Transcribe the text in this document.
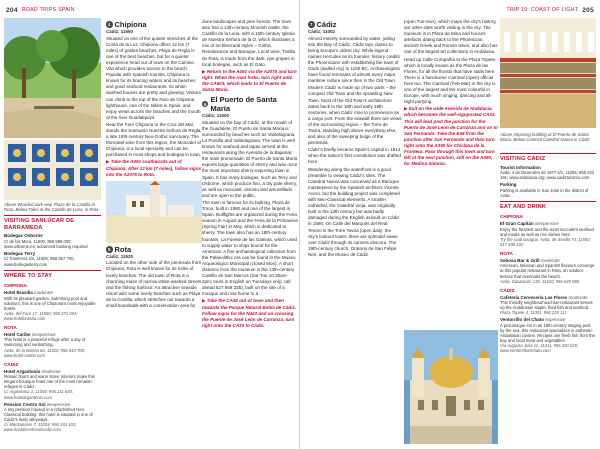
204 ROAD TRIPS SPAIN
Above Wooded park near Plaza de la Castilla in Rota. Below Tales at the Castillo de Luna, in Rota
VISITING SANLÚCAR DE BARRAMEDA
Bodegas Osborne
C/ de los Mora, 11500; 956 869 000; www.osborne.es; advanced booking required
Bodegas Terry
C/ Toneleros s/n, 11500; 956 857 700; www.bodegasterry.com
WHERE TO STAY
CHIPIONA
Hotel Brasilia moderate
With its pleasant garden, swimming pool and solarium, this is one of Chipiona's most enjoyable hotels.
Avda. del Faro 17, 11550; 956 371 054; www.hotelbrasilia.com
ROTA
Hotel Caribe inexpensive
This hotel is a peaceful refuge after a day of swimming and sunbathing.
Avda. de la Marina 60, 11520; 956 810 700; www.hotel-caribe.com
CÁDIZ
Hotel Argantonio moderate
Mosaic floors and warm stone interiors make this elegant boutique hotel one of the most romantic refuges in Cádiz.
C/ Argantonio 3, 11004; 956 211 640; www.hotelargantonio.com
Pension Centro Sol inexpensive
A tiny pension housed in a refurbished Neo-Classical building, this hotel is situated in one of Cádiz's lively alleyways.
C/ Manzanares 7, 11004; 956 283 103; www.hostalcentrosolcadiz.com
4 Chipiona
Cádiz; 11550
Situated on one of the quieter stretches of the Costa de la Luz, Chipiona offers 12 km (7 miles) of golden beaches. Playa de Regla is one of the best beaches, but for a quieter experience head out of town on the Camino Vita which provides access to the beach. Popular with Spanish tourists, Chipiona is known for its bracing waters and its beaches and good seafood restaurants. Its white-washed houses are pretty and glowing. Visitors can climb to the top of the Faro de Chipiona lighthouse, one of the tallest in Spain, and enjoy views across the beaches and the mouth of the river Guadalquivir.
Near the Faro Chipiona to the Cruz del Mar, stands the Santuario Nuestra Señora de Regla, a late 19th-century Neo-Gothic sanctuary. The Moscatel wine from this region, the Moscatel of Chipiona, is a local speciality and can be purchased in most shops and bodegas in town.
▶ Take the A491 southwards out of Chipiona. After 12 km (7 miles), follow signs into the A2075 to Rota.
5 Rota
Cádiz; 11520
Located on the other side of the peninsula from Chipiona, Rota is well known for its miles of lovely beaches. The old town of Rota is a charming maze of narrow white-washed streets and the fishing harbour. An attractive seaside resort with some lovely beaches such as Playa de la Costilla, which stretches out towards a small boardwalk with a conservation area for
dune landscapes and pine forests. The town also has a 13th-century Moorish castle, the Castillo de la Luna, with a 16th-century Iglesia de Nuestra Señora de la O, which illustrates a mix of architectural styles – Gothic, Renaissance and Baroque. Local wine, Tintilla de Rota, is made from the dark, ripe grapes in local bodegas, such as El Gato.
▶ Return to the A491 via the A2075 and turn right. When the road forks, turn right onto the CA603, which leads to El Puerto de Santa María.
6 El Puerto de Santa María
Cádiz; 11500
Situated on the bay of Cádiz, at the mouth of the Guadalete, El Puerto de Santa María is surrounded by beaches such as Valdelagrana, La Puntilla and Valdelagrana. The town is well known for seafood and tapas served at the restaurants along the Avenida de la Bajamar, the main promenade. El Puerto de Santa María exports large quantities of sherry and was once the most important sherry-exporting town in Spain. It has many bodegas, such as Terry and Osborne, which produce fino, a dry pale sherry, as well as muscatel, oloroso and amontillado and are open to the public.
The town is famous for its bullring, Plaza de Toros, built in 1880 and one of the largest in Spain. Bullfights are organized during the Feria season in August and the Feria de la Primavera (Spring Fair) in May, which is dedicated to sherry. The town also has an 18th-century fountain, La Fuente de las Galeras, which used to supply water to ships bound for the Americas. A fine archaeological collection from the Palaeolithic era can be found in the Museo Arqueológico Municipal (closed Mon). A short distance from the museum is the 13th-century Castillo de San Marcos (Sat-Tue 10.30am-2pm; tours in English on Tuesdays only; call ahead 627 569 335), built on the site of a mosque and now home to a
▶ Take the CA32 out of town and then towards the Parque Natural Bahía de Cádiz. Follow signs for the N443 and on crossing the Puente de José León de Carranza, turn right onto the CA33 to Cádiz.
TRIP 19: COAST OF LIGHT 205
7 Cádiz
Cádiz; 11002
Almost entirely surrounded by water, jutting into the Bay of Cádiz, Cádiz lays claims to being Europe's oldest city. While legend names Hercules as its founder, history credits the Phoenicians with establishing the town of Gadir (walled city) in 1100 BC. Archaeologists have found remnants of almost every major maritime culture since then in the Old Town.
Modern Cádiz is made up of two parts – the compact Old Town and the sprawling New Town. Most of the Old Town's architecture dates back to the 18th and early 19th centuries, when Cádiz rose to prominence as a cargo port. From the seawall there are views of the surrounding region – the Torre de Tavira, standing high above everything else, and also of the sweeping bulge of the peninsula.
Cádiz's briefly became Spain's capital in 1812 when the nation's first constitution was drafted here.
Wandering along the waterfront is a good preamble to viewing Cádiz's sites. The Catedral Nueva was conceived as a Baroque masterpiece by the Spanish architect Vicente Acero, but the building project was completed with Neo-Classical elements. A smaller cathedral, the Catedral Vieja, was originally built in the 13th century but was badly damaged during the English assault on Cádiz in 1596. On Calle del Marqués del Real Tesoro is the Torre Tavira (open daily; the city's lookout tower, there are splendid views over Cádiz through its camera obscura. The 19th-century church, Oratorio de San Felipe Neri, and the Museo de Cádiz
(open Tue-Sun), which maps the city's history, are other sites worth visiting in the city. The museum is in Plaza de Mina and houses artefacts dating back to the Phoenician, ancient Greek and Roman times, and also has one of the largest art collections in Andalusia.
Head up Calle Compañía to the Plaza Topete, which is locally known as the Plaza de las Flores, for all the florists that have stalls here. There is a handsome Carnival (open) official here too. The Carnival (Feb-Mar) in the city is one of the largest and the most colourful in Europe, with much singing, dancing and all-night partying.
▶ Exit on the wide Avenida de Andalucía, which becomes the well-signposted CA33. This will lead past the junction for the Puerto de José León de Carranza and on to San Fernando. Take the E48 from the junction after San Fernando and then turn right onto the A390 for Chiclana de la Frontera. Pass through this town and turn left at the next junction, still on the A390, for Medina Sidonia.
Above Imposing building at El Puerto de Santa María. Below Colonial Catedral Nueva in Cádiz
VISITING CÁDIZ
Tourist Information
Avda. 4 de Diciembre de 1977 s/n, 11005; 956 203 191; www.andalucia.org; www.cadizturismo.com
Parking
Parking is available in San José in the district of Avda.
EAT AND DRINK
CHIPIONA
El Gran Capitán inexpensive
Enjoy the freshest and the most succulent seafood and meats as well as rice dishes here.
Try the crab lasagna. Avda. de Sevilla 74, 11550; 617 498 102
ROTA
Sebosa Bar & Grill moderate
American, Mexican and Spanish flavours converge at this popular restaurant in Rota, an outdoor terrace that overlooks the beach.
Avda. Diputación 135, 11520; 956 849 080
CÁDIZ
Cafetería Cervecería Las Flores moderate
This friendly neighbourhood bar-restaurant serves up the Andalusian staple, fried fish and seafood.
Plaza Topete 4, 11001; 956 226 112
Ventorrillo del Chato expensive
A picturesque inn in an 18th-century staging post by the sea, this restaurant specializes in authentic Andalusian cuisine. Recipes use fresh fish from the bay and local meat and vegetables.
Vía Augusta Julia 11, 11011; 956 250 025; www.ventorrilloelchato.com
